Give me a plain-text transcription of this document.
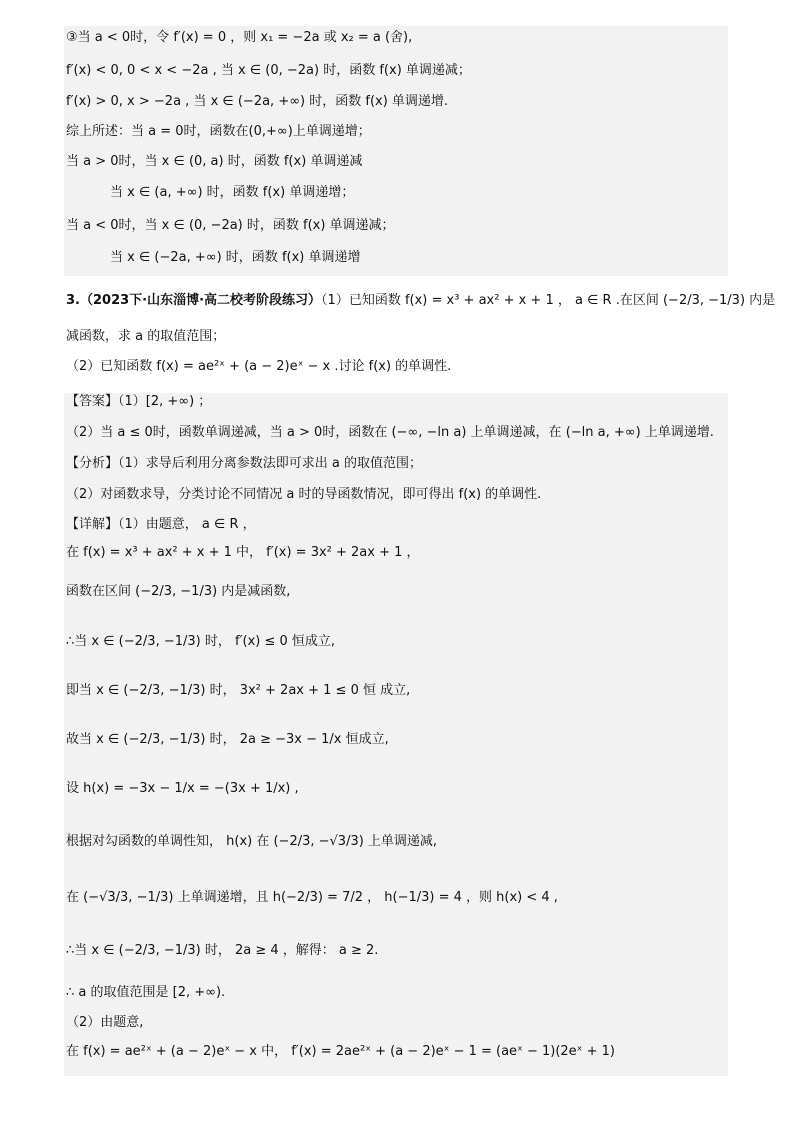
③当 a < 0时，令 f′(x) = 0 ，则 x₁ = −2a 或 x₂ = a (舍),
f′(x) < 0, 0 < x < −2a , 当 x ∈ (0, −2a) 时，函数 f(x) 单调递减；
f′(x) > 0, x > −2a , 当 x ∈ (−2a, +∞) 时，函数 f(x) 单调递增.
综上所述：当 a = 0时，函数在(0,+∞)上单调递增；
当 a > 0时，当 x ∈ (0, a) 时，函数 f(x) 单调递减
当 x ∈ (a, +∞) 时，函数 f(x) 单调递增；
当 a < 0时，当 x ∈ (0, −2a) 时，函数 f(x) 单调递减；
当 x ∈ (−2a, +∞) 时，函数 f(x) 单调递增
3.（2023下·山东淄博·高二校考阶段练习）（1）已知函数 f(x) = x³ + ax² + x + 1 ， a ∈ R .在区间 (−2/3, −1/3) 内是
减函数，求 a 的取值范围；
（2）已知函数 f(x) = ae²ˣ + (a − 2)eˣ − x .讨论 f(x) 的单调性.
【答案】（1）[2, +∞) ；
（2）当 a ≤ 0时，函数单调递减，当 a > 0时，函数在 (−∞, −ln a) 上单调递减，在 (−ln a, +∞) 上单调递增.
【分析】（1）求导后利用分离参数法即可求出 a 的取值范围；
（2）对函数求导，分类讨论不同情况 a 时的导函数情况，即可得出 f(x) 的单调性.
【详解】（1）由题意， a ∈ R ，
在 f(x) = x³ + ax² + x + 1 中， f′(x) = 3x² + 2ax + 1 ，
函数在区间 (−2/3, −1/3) 内是减函数,
∴当 x ∈ (−2/3, −1/3) 时， f′(x) ≤ 0 恒成立,
即当 x ∈ (−2/3, −1/3) 时， 3x² + 2ax + 1 ≤ 0 恒 成立,
故当 x ∈ (−2/3, −1/3) 时， 2a ≥ −3x − 1/x 恒成立,
设 h(x) = −3x − 1/x = −(3x + 1/x) ,
根据对勾函数的单调性知， h(x) 在 (−2/3, −√3/3) 上单调递减,
在 (−√3/3, −1/3) 上单调递增，且 h(−2/3) = 7/2 ， h(−1/3) = 4 ，则 h(x) < 4 ,
∴当 x ∈ (−2/3, −1/3) 时， 2a ≥ 4 ，解得： a ≥ 2.
∴ a 的取值范围是 [2, +∞).
（2）由题意,
在 f(x) = ae²ˣ + (a − 2)eˣ − x 中， f′(x) = 2ae²ˣ + (a − 2)eˣ − 1 = (aeˣ − 1)(2eˣ + 1)
